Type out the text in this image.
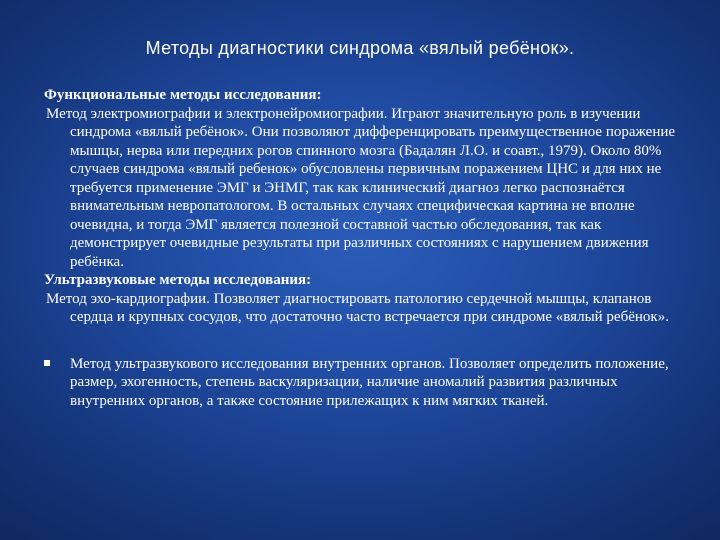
Методы диагностики синдрома «вялый ребёнок».
Функциональные методы исследования:
Метод электромиографии и электронейромиографии. Играют значительную роль в изучении синдрома «вялый ребёнок». Они позволяют дифференцировать преимущественное поражение мышцы, нерва или передних рогов спинного мозга (Бадалян Л.О. и соавт., 1979). Около 80% случаев синдрома «вялый ребенок» обусловлены первичным поражением ЦНС и для них не требуется применение ЭМГ и ЭНМГ, так как клинический диагноз легко распознаётся внимательным невропатологом. В остальных случаях специфическая картина не вполне очевидна, и тогда ЭМГ является полезной составной частью обследования, так как демонстрирует очевидные результаты при различных состояниях с нарушением движения ребёнка.
Ультразвуковые методы исследования:
Метод эхо-кардиографии. Позволяет диагностировать патологию сердечной мышцы, клапанов сердца и крупных сосудов, что достаточно часто встречается при синдроме «вялый ребёнок».
Метод ультразвукового исследования внутренних органов. Позволяет определить положение, размер, эхогенность, степень васкуляризации, наличие аномалий развития различных внутренних органов, а также состояние прилежащих к ним мягких тканей.
